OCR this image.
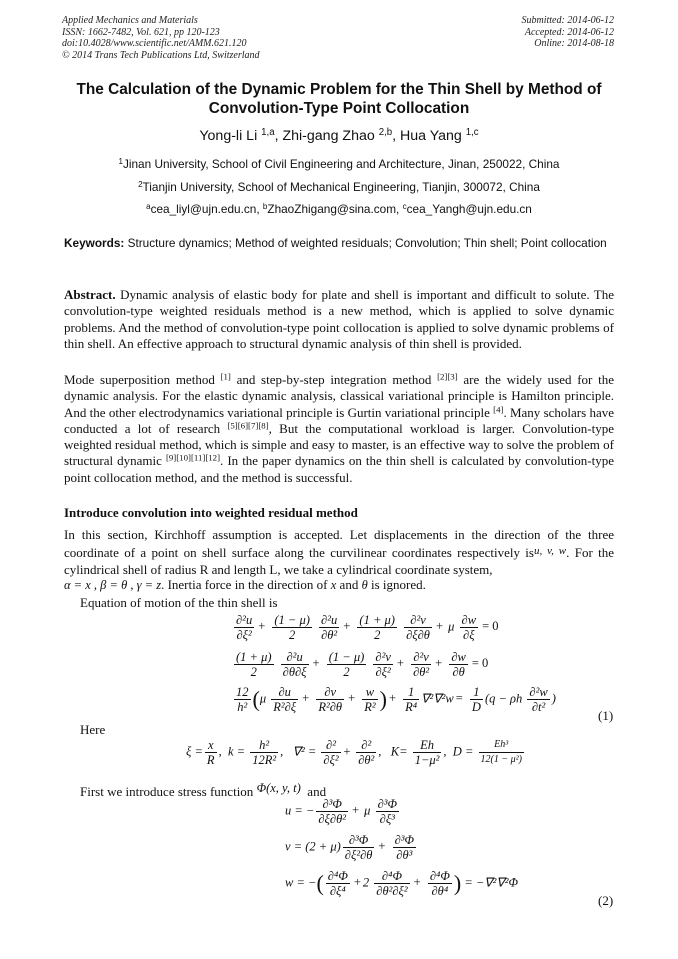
Applied Mechanics and Materials
ISSN: 1662-7482, Vol. 621, pp 120-123
doi:10.4028/www.scientific.net/AMM.621.120
© 2014 Trans Tech Publications Ltd, Switzerland
Submitted: 2014-06-12
Accepted: 2014-06-12
Online: 2014-08-18
The Calculation of the Dynamic Problem for the Thin Shell by Method of Convolution-Type Point Collocation
Yong-li Li $^{1,a}$, Zhi-gang Zhao $^{2,b}$, Hua Yang $^{1,c}$
$^1$Jinan University, School of Civil Engineering and Architecture, Jinan, 250022, China
$^2$Tianjin University, School of Mechanical Engineering, Tianjin, 300072, China
$^a$cea_liyl@ujn.edu.cn, $^b$ZhaoZhigang@sina.com, $^c$cea_Yangh@ujn.edu.cn
Keywords: Structure dynamics; Method of weighted residuals; Convolution; Thin shell; Point collocation
Abstract. Dynamic analysis of elastic body for plate and shell is important and difficult to solute. The convolution-type weighted residuals method is a new method, which is applied to solve dynamic problems. And the method of convolution-type point collocation is applied to solve dynamic problems of thin shell. An effective approach to structural dynamic analysis of thin shell is provided.
Mode superposition method [1] and step-by-step integration method [2][3] are the widely used for the dynamic analysis. For the elastic dynamic analysis, classical variational principle is Hamilton principle. And the other electrodynamics variational principle is Gurtin variational principle [4]. Many scholars have conducted a lot of research [5][6][7][8], But the computational workload is larger. Convolution-type weighted residual method, which is simple and easy to master, is an effective way to solve the problem of structural dynamic [9][10][11][12]. In the paper dynamics on the thin shell is calculated by convolution-type point collocation method, and the method is successful.
Introduce convolution into weighted residual method
In this section, Kirchhoff assumption is accepted. Let displacements in the direction of the three coordinate of a point on shell surface along the curvilinear coordinates respectively is$^{u, v, w}$. For the cylindrical shell of radius R and length L, we take a cylindrical coordinate system,
α = x , β = θ , γ = z. Inertia force in the direction of x and θ is ignored.
Equation of motion of the thin shell is
$\frac{\text{∂²u}}{\text{∂ξ²}} + \frac{(1 - \mu)}{2}$
$\frac{\text{∂²u}}{\text{∂θ²}} + \frac{(1 + \mu)}{2}$
$\frac{\text{∂²v}}{\partial\xi\partial\theta} + \mu \frac{\partial w}{\partial\xi} = 0$
$\frac{(1 + \mu)}{2}$
$\frac{\text{∂²u}}{\partial\theta\partial\xi} + \frac{(1 - \mu)}{2}$
$\frac{\text{∂²v}}{\text{∂ξ²}} + \frac{\text{∂²v}}{\text{∂θ²}} + \frac{\partial w}{\partial\theta} = 0$
$\frac{12}{\text{h²}} (\mu \frac{\partial u}{\text{R²∂ξ}} + \frac{\partial v}{\text{R²∂θ}} + \frac{w}{\text{R²}}$ ) + $\frac{1}{\text{R⁴}} \nabla^2\nabla^2w = \frac{1}{D} (q - \rho h \frac{\text{∂²w}}{\text{∂t²}}$ )
(1)
Here
$\xi = \frac{x}{R}$ ,  $k = \frac{\text{h²}}{\text{12R²}}$ ,   $\nabla^2 = \frac{\text{∂²}}{\text{∂ξ²}} + \frac{\text{∂²}}{\text{∂θ²}}$ ,   $K= \frac{Eh}{\text{1−μ²}}$ ,  $D = \frac{\text{Eh³}}{\text{12(1 − μ²)}}$
First we introduce stress function Φ(x, y, t) and
u = − $\frac{\text{∂³Φ}}{\text{∂ξ∂θ²}} + \mu \frac{\text{∂³Φ}}{\text{∂ξ³}}$
$v = (2 + \mu) \frac{\text{∂³Φ}}{\text{∂ξ²∂θ}} + \frac{\text{∂³Φ}}{\text{∂θ³}}$
w = −( $\frac{\text{∂⁴Φ}}{\text{∂ξ⁴}} + 2 \frac{\text{∂⁴Φ}}{\text{∂θ²∂ξ²}} + \frac{\text{∂⁴Φ}}{\text{∂θ⁴}}$ ) = −∇²∇²Φ
(2)
